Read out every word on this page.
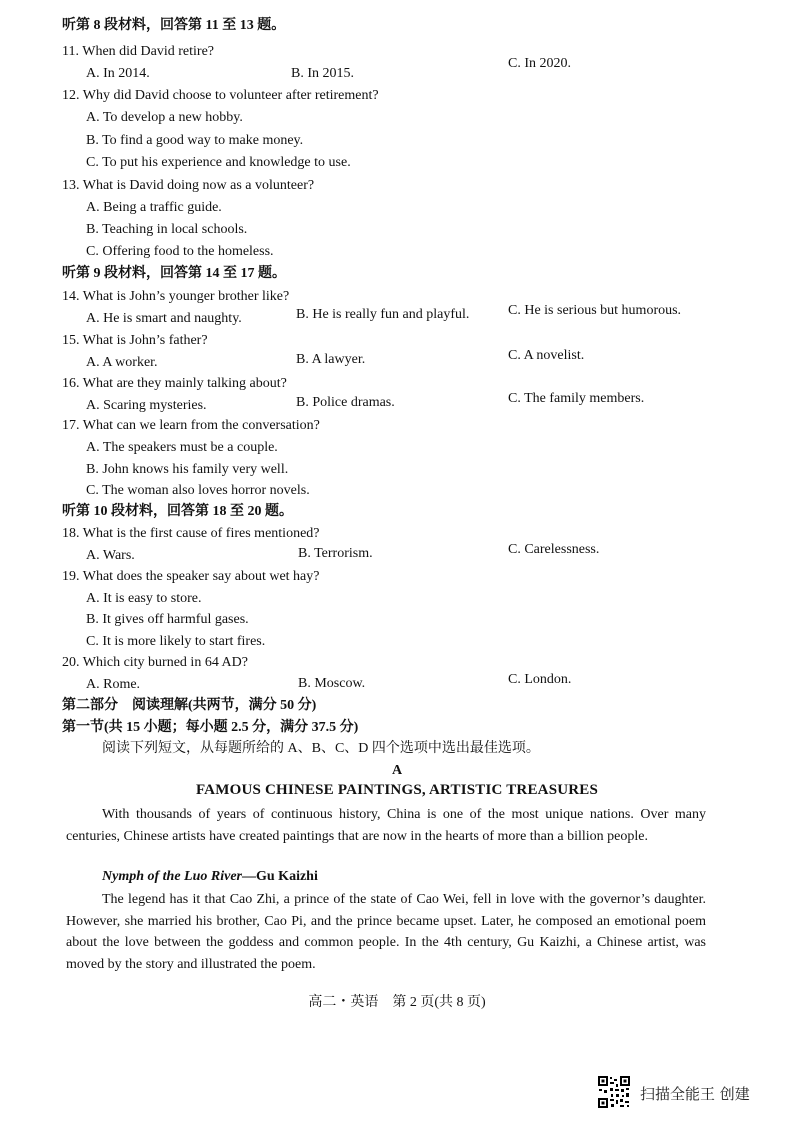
听第 8 段材料，回答第 11 至 13 题。
11. When did David retire?
A. In 2014.	B. In 2015.
C. In 2020.
12. Why did David choose to volunteer after retirement?
A. To develop a new hobby.
B. To find a good way to make money.
C. To put his experience and knowledge to use.
13. What is David doing now as a volunteer?
A. Being a traffic guide.
B. Teaching in local schools.
C. Offering food to the homeless.
听第 9 段材料，回答第 14 至 17 题。
14. What is John’s younger brother like?
A. He is smart and naughty.	B. He is really fun and playful.	C. He is serious but humorous.
15. What is John’s father?
A. A worker.	B. A lawyer.	C. A novelist.
16. What are they mainly talking about?
A. Scaring mysteries.	B. Police dramas.	C. The family members.
17. What can we learn from the conversation?
A. The speakers must be a couple.
B. John knows his family very well.
C. The woman also loves horror novels.
听第 10 段材料，回答第 18 至 20 题。
18. What is the first cause of fires mentioned?
A. Wars.	B. Terrorism.	C. Carelessness.
19. What does the speaker say about wet hay?
A. It is easy to store.
B. It gives off harmful gases.
C. It is more likely to start fires.
20. Which city burned in 64 AD?
A. Rome.	B. Moscow.	C. London.
第二部分　阅读理解(共两节，满分 50 分)
第一节(共 15 小题；每小题 2.5 分，满分 37.5 分)
阅读下列短文，从每题所给的 A、B、C、D 四个选项中选出最佳选项。
A
FAMOUS CHINESE PAINTINGS, ARTISTIC TREASURES

With thousands of years of continuous history, China is one of the most unique nations. Over many centuries, Chinese artists have created paintings that are now in the hearts of more than a billion people.

Nymph of the Luo River—Gu Kaizhi

The legend has it that Cao Zhi, a prince of the state of Cao Wei, fell in love with the governor’s daughter. However, she married his brother, Cao Pi, and the prince became upset. Later, he composed an emotional poem about the love between the goddess and common people. In the 4th century, Gu Kaizhi, a Chinese artist, was moved by the story and illustrated the poem.

高二・英语　第 2 页(共 8 页)
扫描全能王 创建
